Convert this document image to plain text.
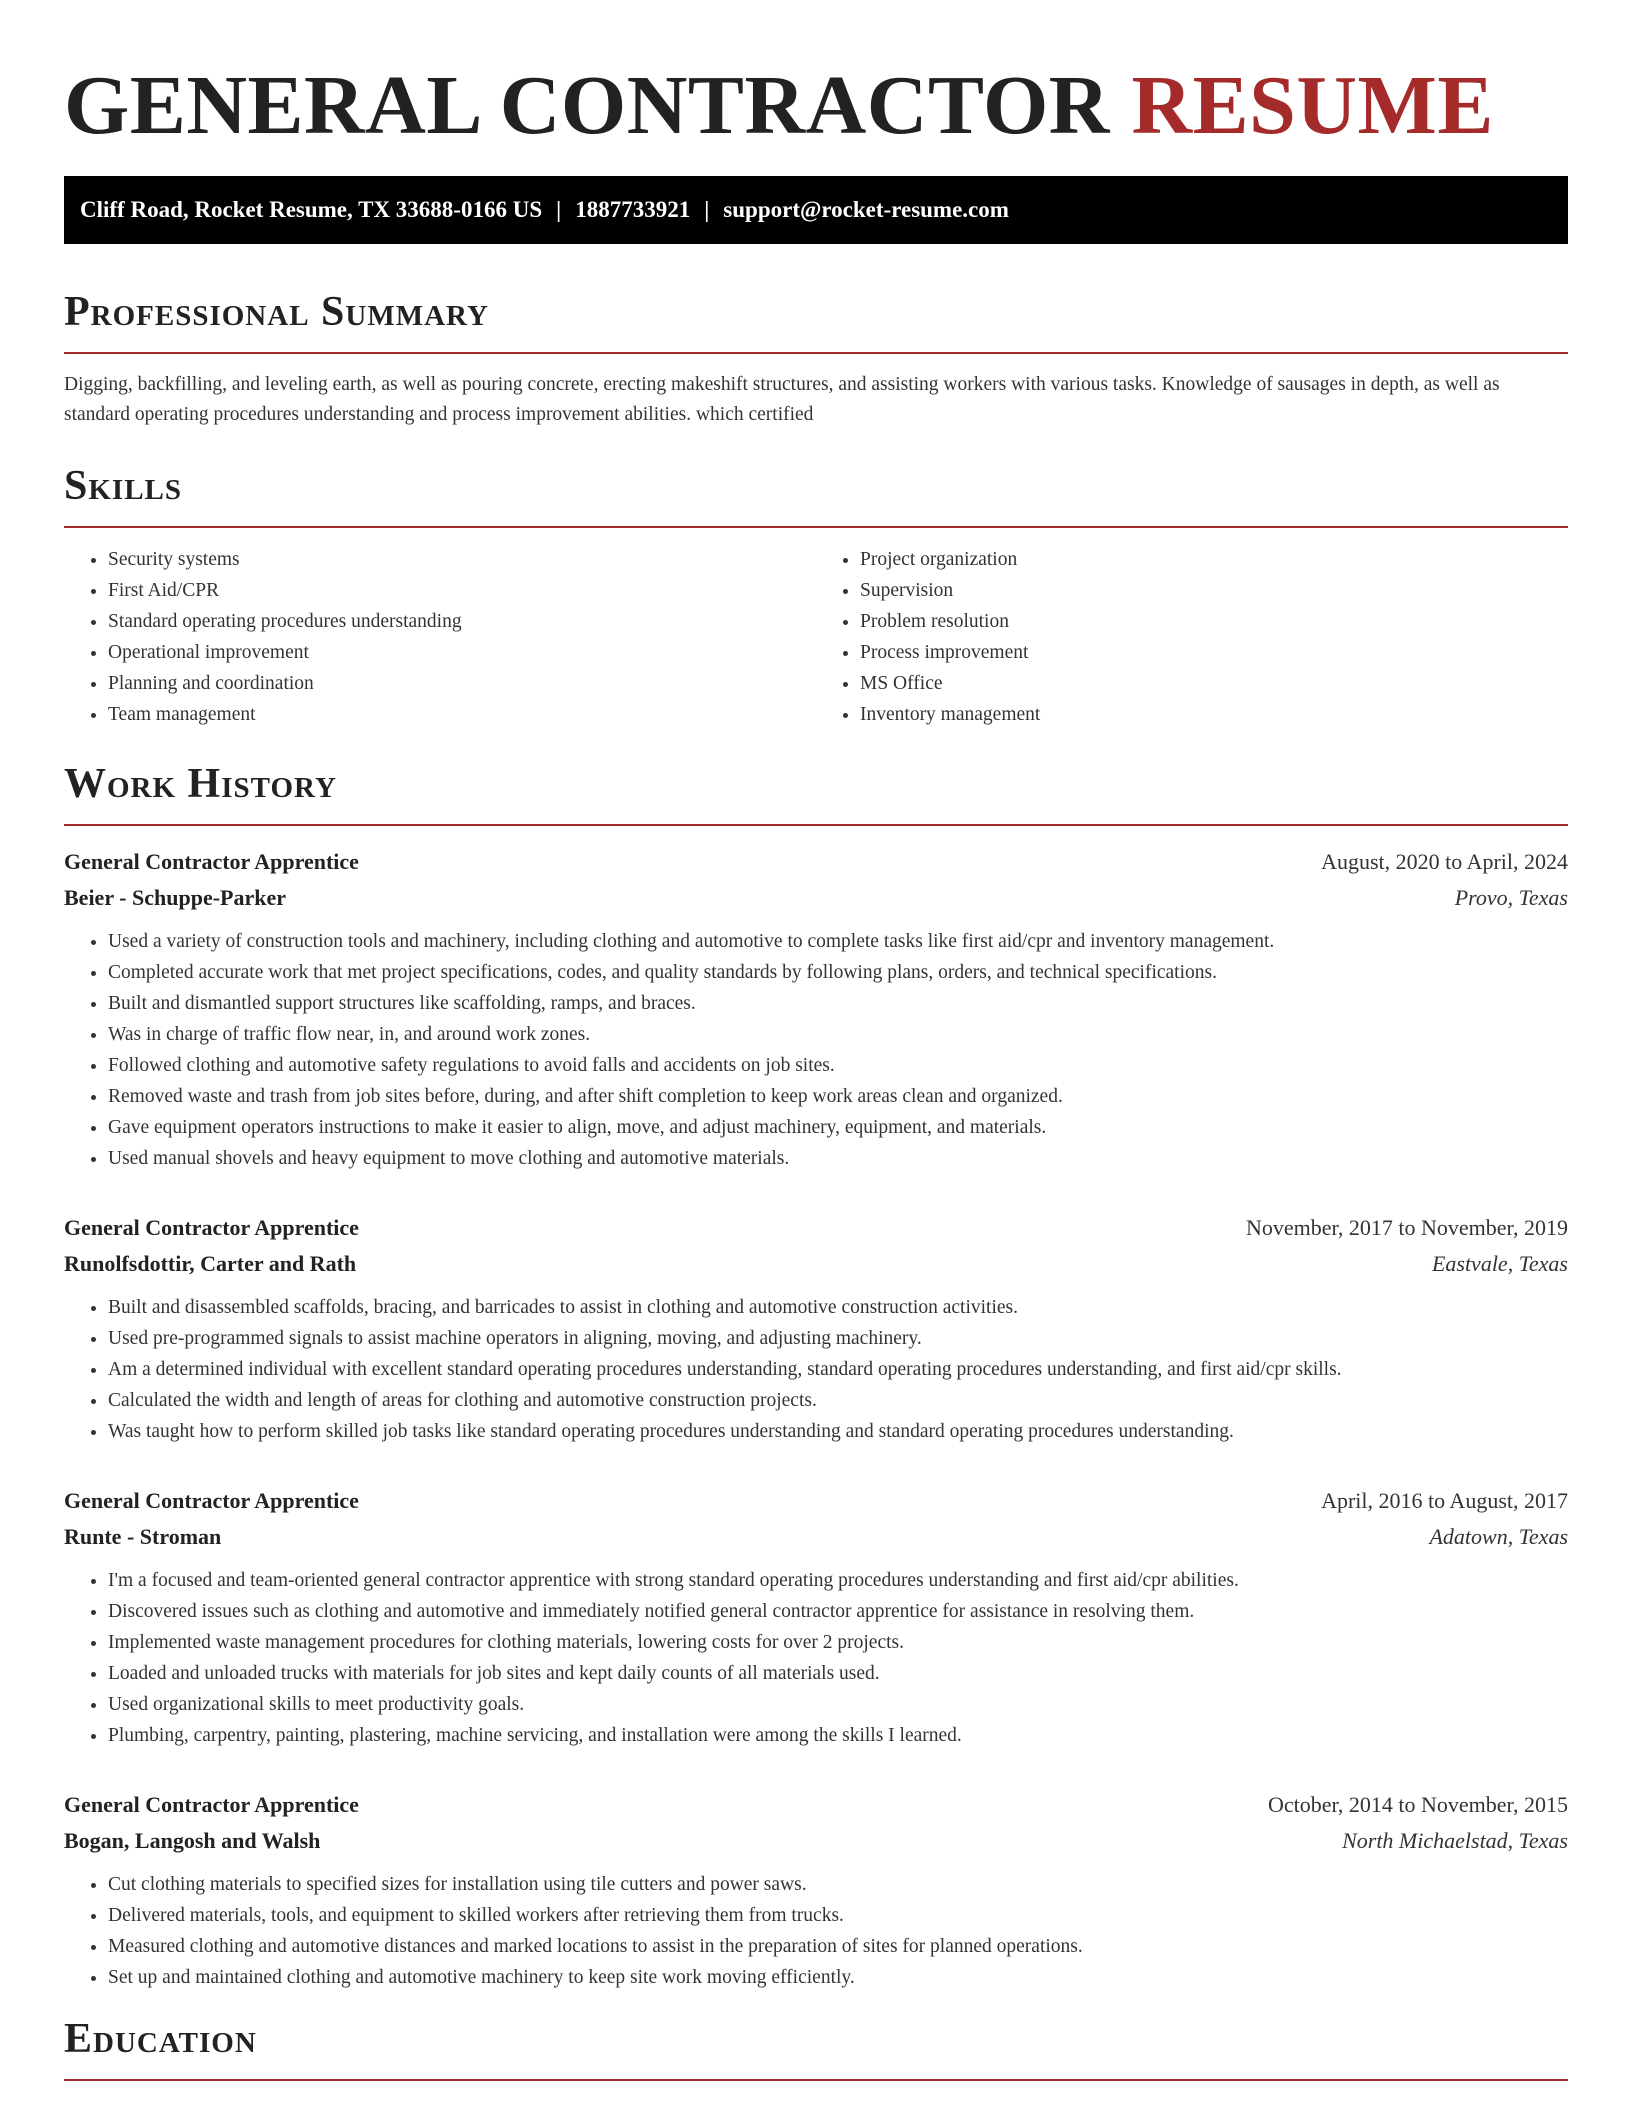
GENERAL CONTRACTOR RESUME
Cliff Road, Rocket Resume, TX 33688-0166 US | 1887733921 | support@rocket-resume.com
Professional Summary

Digging, backfilling, and leveling earth, as well as pouring concrete, erecting makeshift structures, and assisting workers with various tasks. Knowledge of sausages in depth, as well as standard operating procedures understanding and process improvement abilities. which certified

Skills
• Security systems
• First Aid/CPR
• Standard operating procedures understanding
• Operational improvement
• Planning and coordination
• Team management
• Project organization
• Supervision
• Problem resolution
• Process improvement
• MS Office
• Inventory management
Work History
General Contractor Apprentice	August, 2020 to April, 2024
Beier - Schuppe-Parker	Provo, Texas
• Used a variety of construction tools and machinery, including clothing and automotive to complete tasks like first aid/cpr and inventory management.
• Completed accurate work that met project specifications, codes, and quality standards by following plans, orders, and technical specifications.
• Built and dismantled support structures like scaffolding, ramps, and braces.
• Was in charge of traffic flow near, in, and around work zones.
• Followed clothing and automotive safety regulations to avoid falls and accidents on job sites.
• Removed waste and trash from job sites before, during, and after shift completion to keep work areas clean and organized.
• Gave equipment operators instructions to make it easier to align, move, and adjust machinery, equipment, and materials.
• Used manual shovels and heavy equipment to move clothing and automotive materials.
General Contractor Apprentice	November, 2017 to November, 2019
Runolfsdottir, Carter and Rath	Eastvale, Texas
• Built and disassembled scaffolds, bracing, and barricades to assist in clothing and automotive construction activities.
• Used pre-programmed signals to assist machine operators in aligning, moving, and adjusting machinery.
• Am a determined individual with excellent standard operating procedures understanding, standard operating procedures understanding, and first aid/cpr skills.
• Calculated the width and length of areas for clothing and automotive construction projects.
• Was taught how to perform skilled job tasks like standard operating procedures understanding and standard operating procedures understanding.
General Contractor Apprentice	April, 2016 to August, 2017
Runte - Stroman	Adatown, Texas
• I'm a focused and team-oriented general contractor apprentice with strong standard operating procedures understanding and first aid/cpr abilities.
• Discovered issues such as clothing and automotive and immediately notified general contractor apprentice for assistance in resolving them.
• Implemented waste management procedures for clothing materials, lowering costs for over 2 projects.
• Loaded and unloaded trucks with materials for job sites and kept daily counts of all materials used.
• Used organizational skills to meet productivity goals.
• Plumbing, carpentry, painting, plastering, machine servicing, and installation were among the skills I learned.
General Contractor Apprentice	October, 2014 to November, 2015
Bogan, Langosh and Walsh	North Michaelstad, Texas
• Cut clothing materials to specified sizes for installation using tile cutters and power saws.
• Delivered materials, tools, and equipment to skilled workers after retrieving them from trucks.
• Measured clothing and automotive distances and marked locations to assist in the preparation of sites for planned operations.
• Set up and maintained clothing and automotive machinery to keep site work moving efficiently.
Education
